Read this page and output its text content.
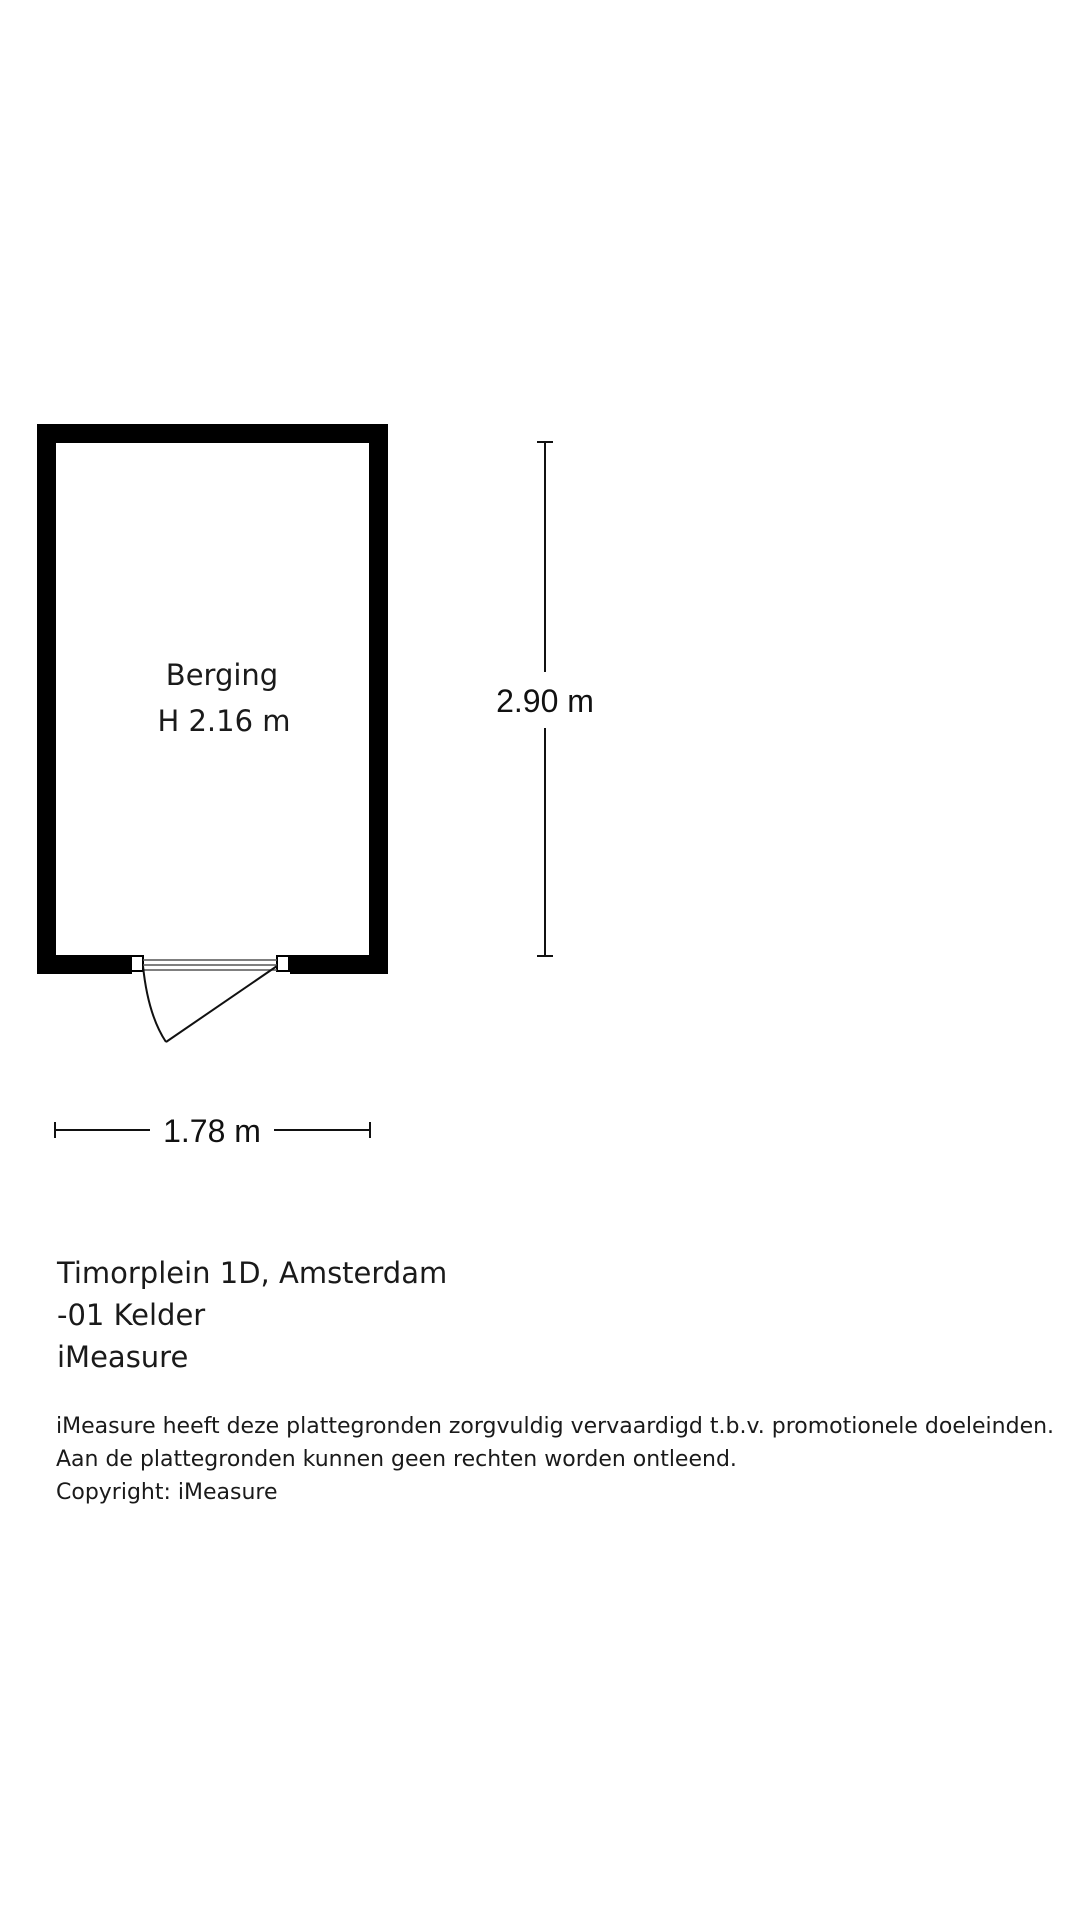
Berging
H 2.16 m
2.90 m
1.78 m
Timorplein 1D, Amsterdam
-01 Kelder
iMeasure
iMeasure heeft deze plattegronden zorgvuldig vervaardigd t.b.v. promotionele doeleinden.
Aan de plattegronden kunnen geen rechten worden ontleend.
Copyright: iMeasure
